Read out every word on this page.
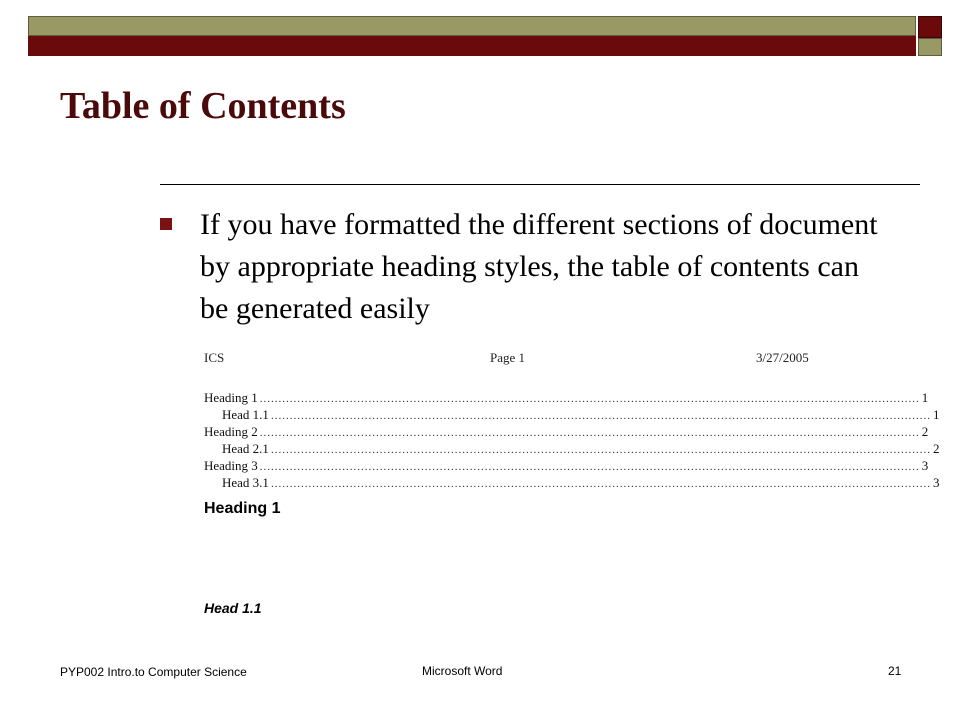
Table of Contents

If you have formatted the different sections of document by appropriate heading styles, the table of contents can be generated easily

ICS	Page 1	3/27/2005
Heading 1 ................................................................................................................................................................................ 1
Head 1.1 ................................................................................................................................................................................ 1
Heading 2 ................................................................................................................................................................................ 2
Head 2.1 ................................................................................................................................................................................ 2
Heading 3 ................................................................................................................................................................................ 3
Head 3.1 ................................................................................................................................................................................ 3
Heading 1
Head 1.1
PYP002 Intro.to Computer Science	Microsoft Word	21
